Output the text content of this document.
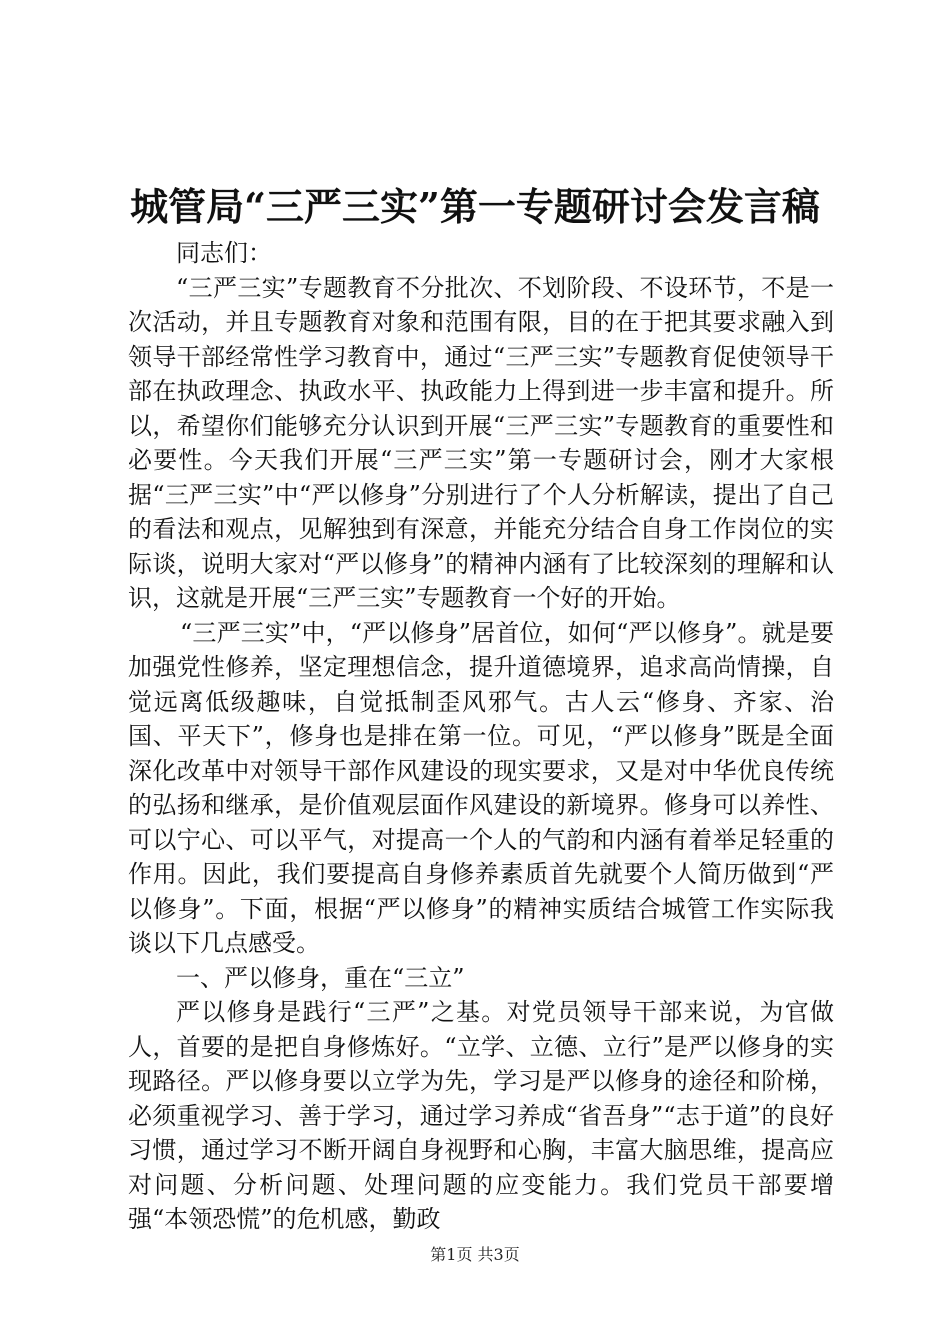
城管局“三严三实”第一专题研讨会发言稿

同志们：

“三严三实”专题教育不分批次、不划阶段、不设环节，不是一次活动，并且专题教育对象和范围有限，目的在于把其要求融入到领导干部经常性学习教育中，通过“三严三实”专题教育促使领导干部在执政理念、执政水平、执政能力上得到进一步丰富和提升。所以，希望你们能够充分认识到开展“三严三实”专题教育的重要性和必要性。今天我们开展“三严三实”第一专题研讨会，刚才大家根据“三严三实”中“严以修身”分别进行了个人分析解读，提出了自己的看法和观点，见解独到有深意，并能充分结合自身工作岗位的实际谈，说明大家对“严以修身”的精神内涵有了比较深刻的理解和认识，这就是开展“三严三实”专题教育一个好的开始。

“三严三实”中，“严以修身”居首位，如何“严以修身”。就是要加强党性修养，坚定理想信念，提升道德境界，追求高尚情操，自觉远离低级趣味，自觉抵制歪风邪气。古人云“修身、齐家、治国、平天下”，修身也是排在第一位。可见，“严以修身”既是全面深化改革中对领导干部作风建设的现实要求，又是对中华优良传统的弘扬和继承，是价值观层面作风建设的新境界。修身可以养性、可以宁心、可以平气，对提高一个人的气韵和内涵有着举足轻重的作用。因此，我们要提高自身修养素质首先就要个人简历做到“严以修身”。下面，根据“严以修身”的精神实质结合城管工作实际我谈以下几点感受。

一、严以修身，重在“三立”

严以修身是践行“三严”之基。对党员领导干部来说，为官做人，首要的是把自身修炼好。“立学、立德、立行”是严以修身的实现路径。严以修身要以立学为先，学习是严以修身的途径和阶梯，必须重视学习、善于学习，通过学习养成“省吾身”“志于道”的良好习惯，通过学习不断开阔自身视野和心胸，丰富大脑思维，提高应对问题、分析问题、处理问题的应变能力。我们党员干部要增强“本领恐慌”的危机感，勤政

第1页 共3页
